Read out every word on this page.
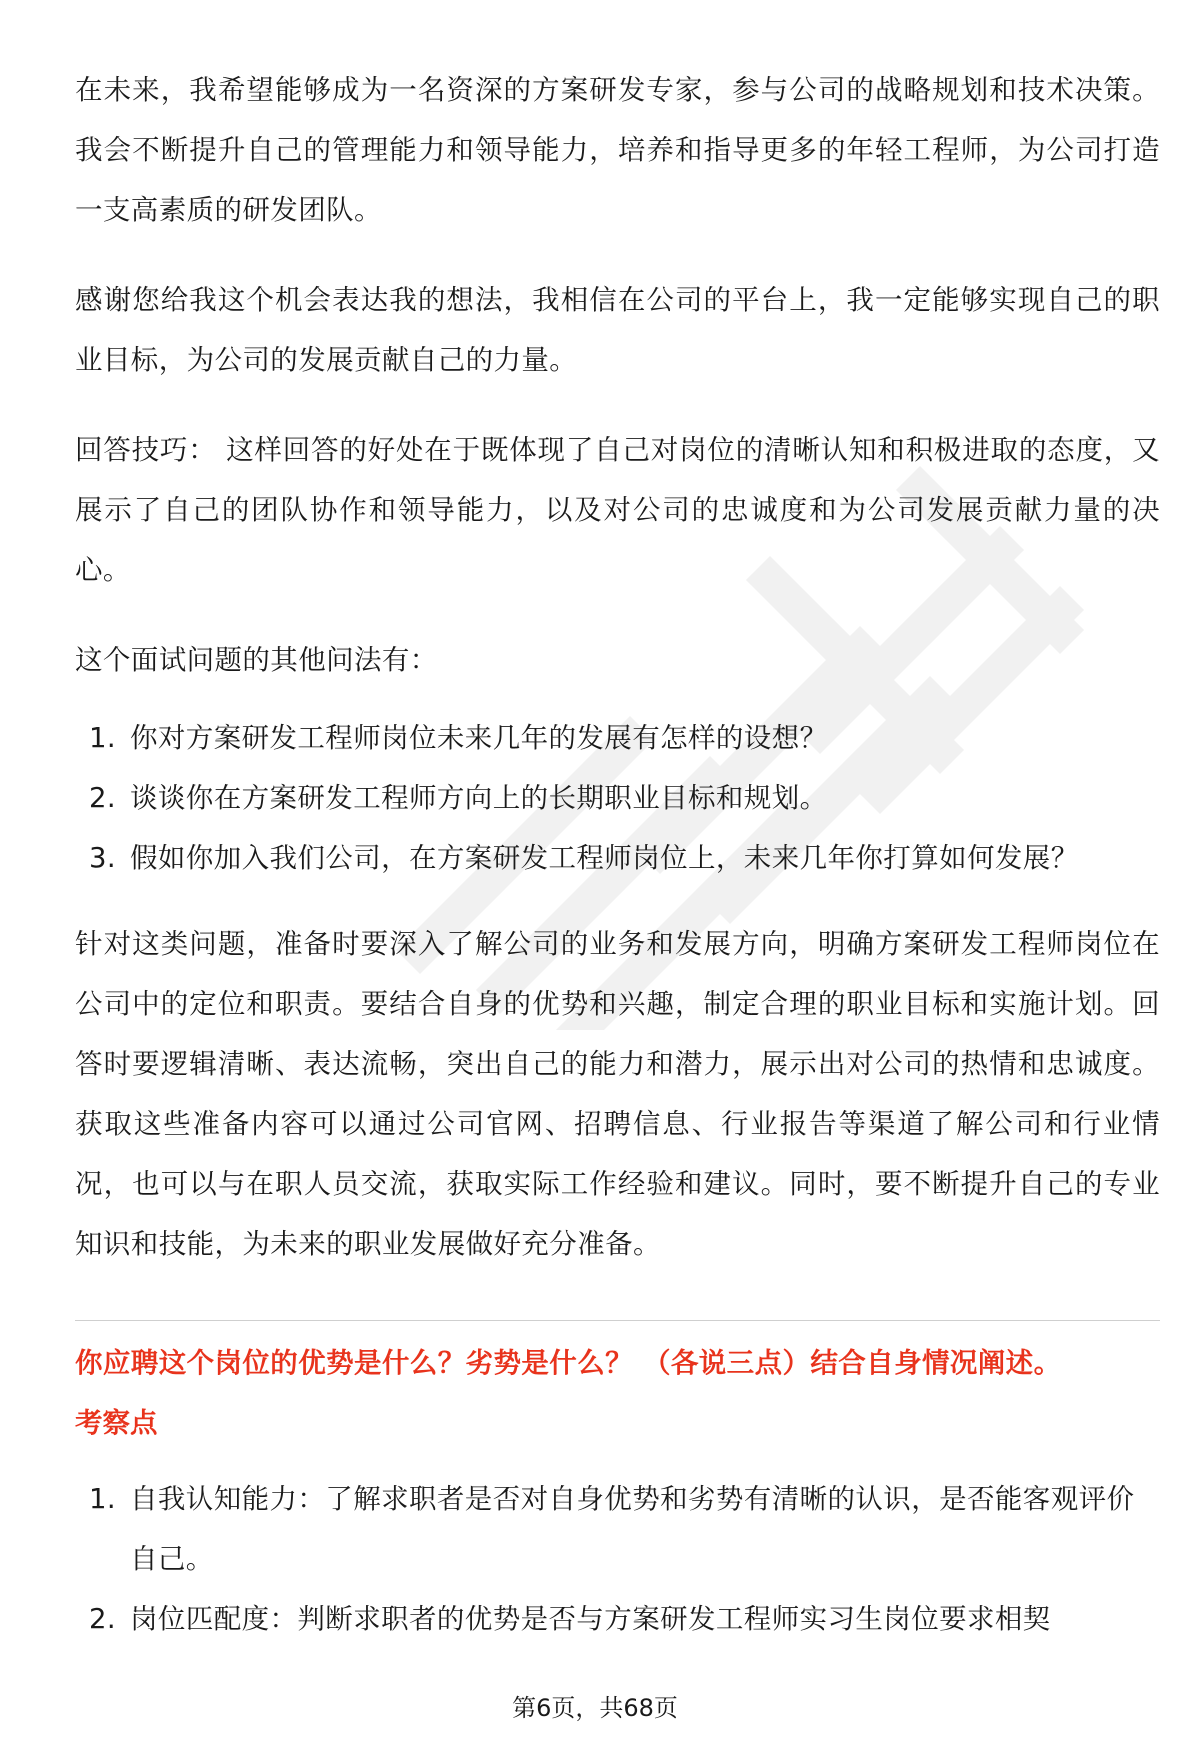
在未来，我希望能够成为一名资深的方案研发专家，参与公司的战略规划和技术决策。我会不断提升自己的管理能力和领导能力，培养和指导更多的年轻工程师，为公司打造一支高素质的研发团队。

感谢您给我这个机会表达我的想法，我相信在公司的平台上，我一定能够实现自己的职业目标，为公司的发展贡献自己的力量。

回答技巧： 这样回答的好处在于既体现了自己对岗位的清晰认知和积极进取的态度，又展示了自己的团队协作和领导能力，以及对公司的忠诚度和为公司发展贡献力量的决心。

这个面试问题的其他问法有：

1. 你对方案研发工程师岗位未来几年的发展有怎样的设想？
2. 谈谈你在方案研发工程师方向上的长期职业目标和规划。
3. 假如你加入我们公司，在方案研发工程师岗位上，未来几年你打算如何发展？

针对这类问题，准备时要深入了解公司的业务和发展方向，明确方案研发工程师岗位在公司中的定位和职责。要结合自身的优势和兴趣，制定合理的职业目标和实施计划。回答时要逻辑清晰、表达流畅，突出自己的能力和潜力，展示出对公司的热情和忠诚度。获取这些准备内容可以通过公司官网、招聘信息、行业报告等渠道了解公司和行业情况，也可以与在职人员交流，获取实际工作经验和建议。同时，要不断提升自己的专业知识和技能，为未来的职业发展做好充分准备。

你应聘这个岗位的优势是什么？劣势是什么？ （各说三点）结合自身情况阐述。
考察点
1. 自我认知能力：了解求职者是否对自身优势和劣势有清晰的认识，是否能客观评价自己。
2. 岗位匹配度：判断求职者的优势是否与方案研发工程师实习生岗位要求相契
第6页，共68页
